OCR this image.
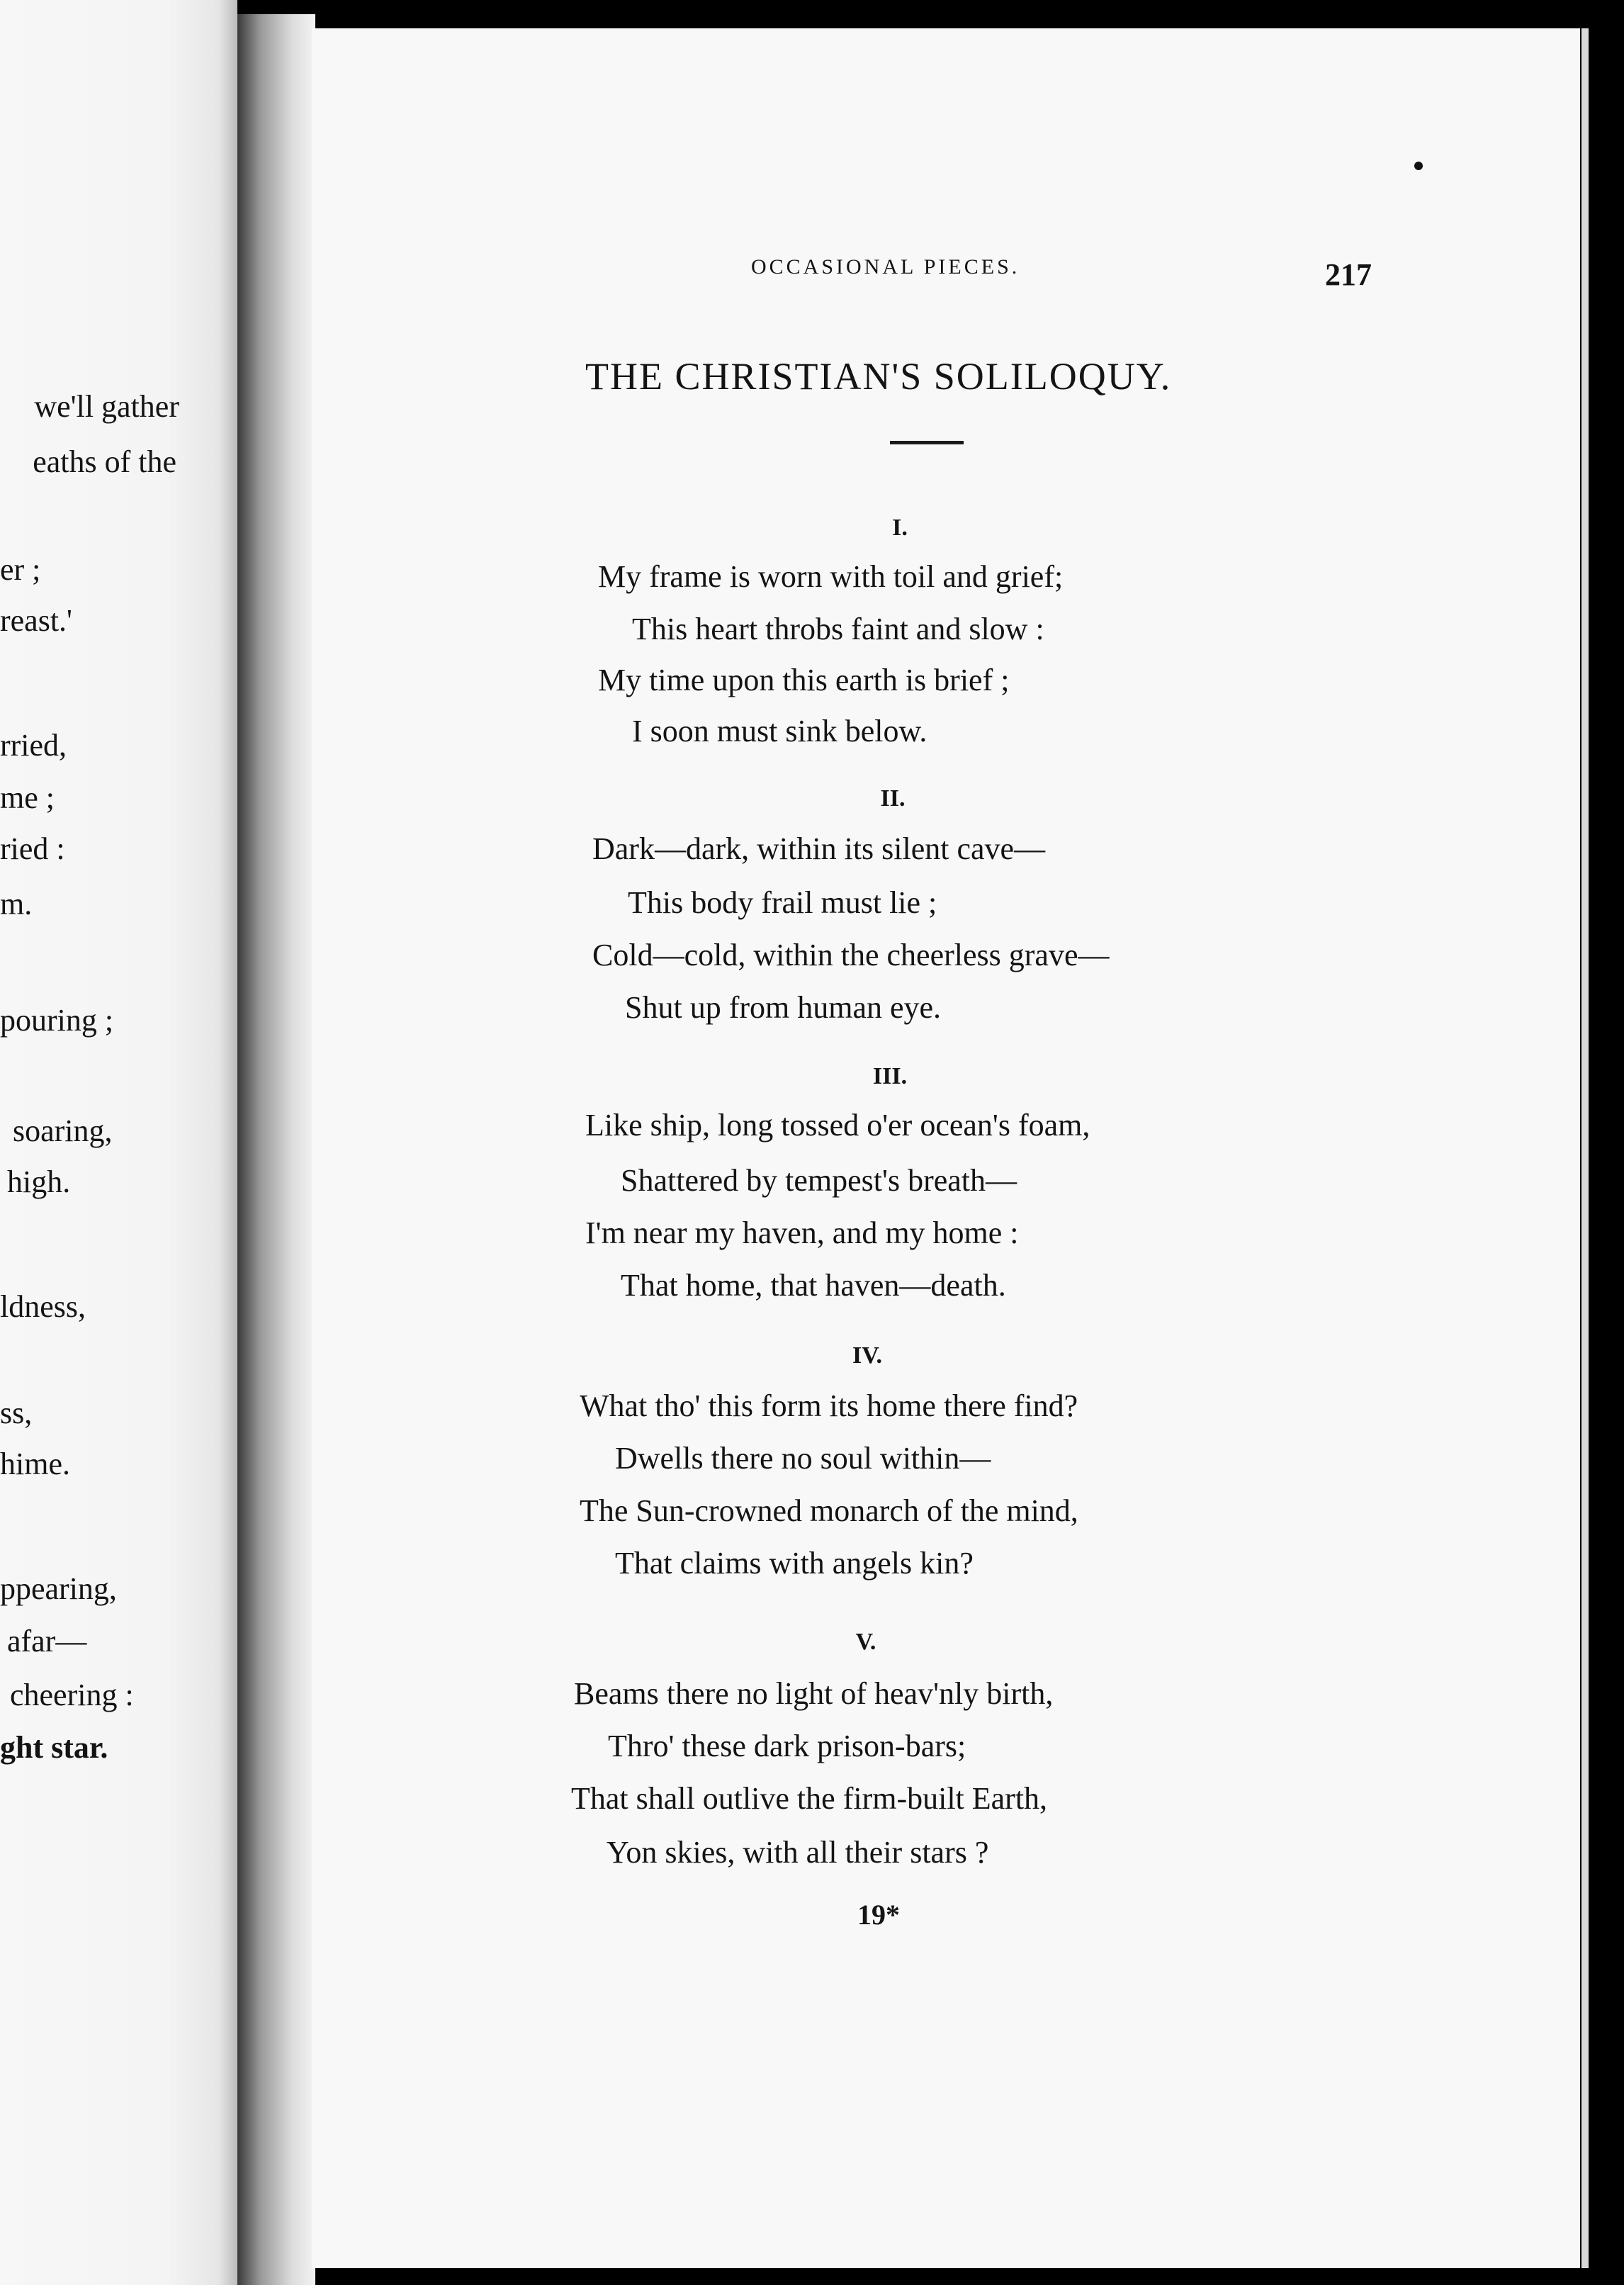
we'll gather
eaths of the
er ;
reast.'
rried,
me ;
ried :
m.
pouring ;
soaring,
high.
ldness,
ss,
hime.
ppearing,
afar—
cheering :
ght star.
OCCASIONAL PIECES.	217
THE CHRISTIAN'S SOLILOQUY.
I.
My frame is worn with toil and grief;
This heart throbs faint and slow :
My time upon this earth is brief ;
I soon must sink below.
II.
Dark—dark, within its silent cave—
This body frail must lie ;
Cold—cold, within the cheerless grave—
Shut up from human eye.
III.
Like ship, long tossed o'er ocean's foam,
Shattered by tempest's breath—
I'm near my haven, and my home :
That home, that haven—death.
IV.
What tho' this form its home there find?
Dwells there no soul within—
The Sun-crowned monarch of the mind,
That claims with angels kin?
V.
Beams there no light of heav'nly birth,
Thro' these dark prison-bars;
That shall outlive the firm-built Earth,
Yon skies, with all their stars ?
19*
